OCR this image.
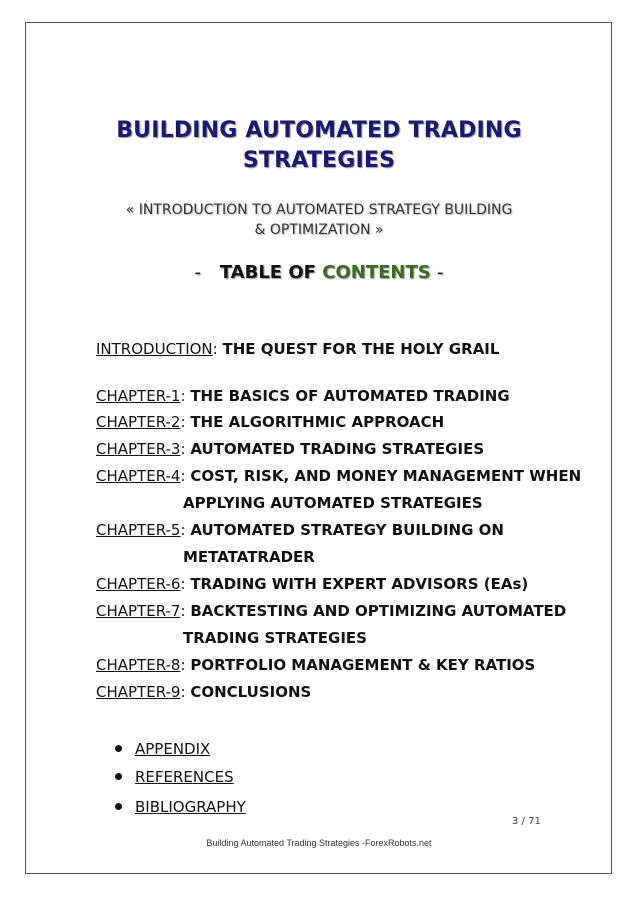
BUILDING AUTOMATED TRADING
STRATEGIES
« INTRODUCTION TO AUTOMATED STRATEGY BUILDING
& OPTIMIZATION »
- TABLE OF CONTENTS -
INTRODUCTION: THE QUEST FOR THE HOLY GRAIL
CHAPTER-1: THE BASICS OF AUTOMATED TRADING
CHAPTER-2: THE ALGORITHMIC APPROACH
CHAPTER-3: AUTOMATED TRADING STRATEGIES
CHAPTER-4: COST, RISK, AND MONEY MANAGEMENT WHEN
APPLYING AUTOMATED STRATEGIES
CHAPTER-5: AUTOMATED STRATEGY BUILDING ON
METATATRADER
CHAPTER-6: TRADING WITH EXPERT ADVISORS (EAs)
CHAPTER-7: BACKTESTING AND OPTIMIZING AUTOMATED
TRADING STRATEGIES
CHAPTER-8: PORTFOLIO MANAGEMENT & KEY RATIOS
CHAPTER-9: CONCLUSIONS
APPENDIX
REFERENCES
BIBLIOGRAPHY
3 / 71
Building Automated Trading Strategies -ForexRobots.net
